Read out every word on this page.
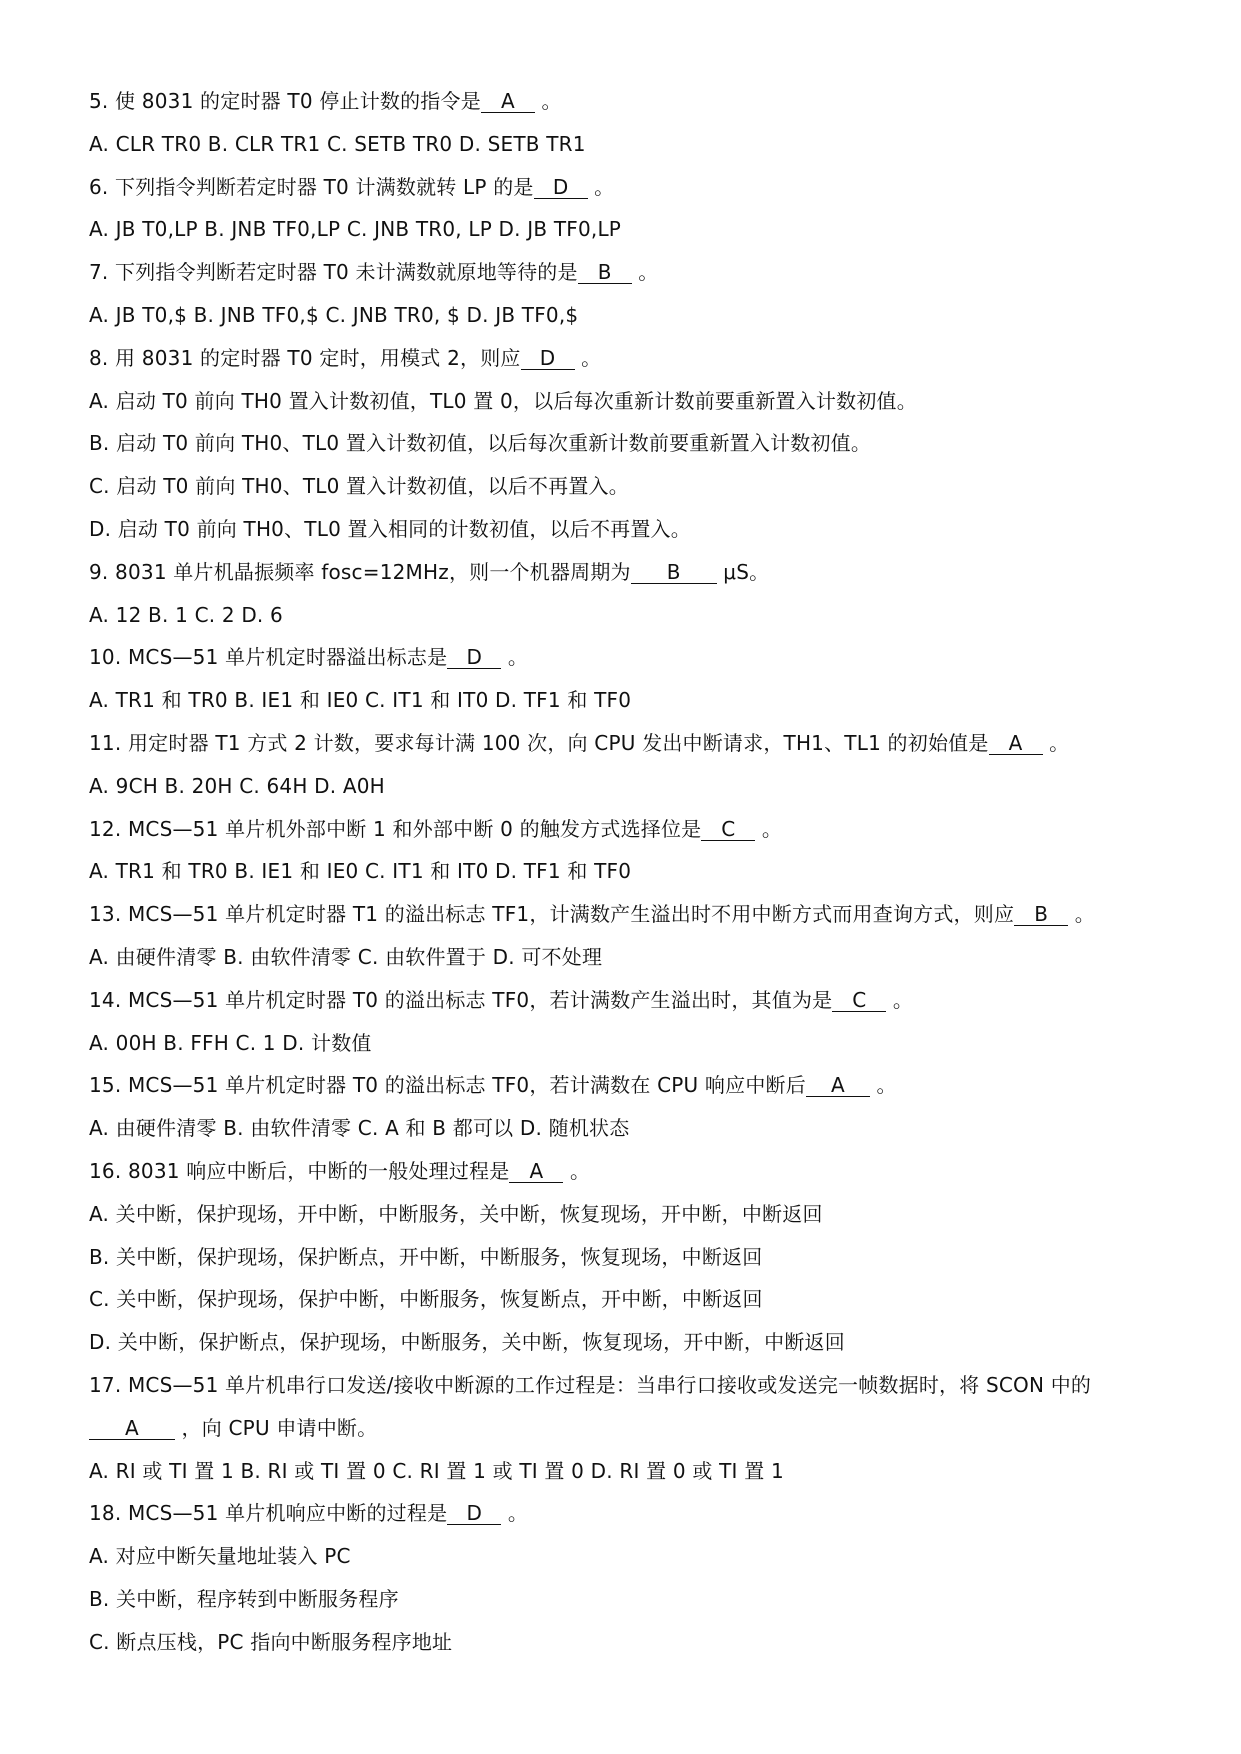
5. 使 8031 的定时器 T0 停止计数的指令是 A 。
A. CLR TR0 B. CLR TR1 C. SETB TR0 D. SETB TR1
6. 下列指令判断若定时器 T0 计满数就转 LP 的是 D 。
A. JB T0,LP B. JNB TF0,LP C. JNB TR0, LP D. JB TF0,LP
7. 下列指令判断若定时器 T0 未计满数就原地等待的是 B 。
A. JB T0,$ B. JNB TF0,$ C. JNB TR0, $ D. JB TF0,$
8. 用 8031 的定时器 T0 定时，用模式 2，则应 D 。
A. 启动 T0 前向 TH0 置入计数初值，TL0 置 0，以后每次重新计数前要重新置入计数初值。
B. 启动 T0 前向 TH0、TL0 置入计数初值，以后每次重新计数前要重新置入计数初值。
C. 启动 T0 前向 TH0、TL0 置入计数初值，以后不再置入。
D. 启动 T0 前向 TH0、TL0 置入相同的计数初值，以后不再置入。
9. 8031 单片机晶振频率 fosc=12MHz，则一个机器周期为 B μS。
A. 12 B. 1 C. 2 D. 6
10. MCS—51 单片机定时器溢出标志是 D 。
A. TR1 和 TR0 B. IE1 和 IE0 C. IT1 和 IT0 D. TF1 和 TF0
11. 用定时器 T1 方式 2 计数，要求每计满 100 次，向 CPU 发出中断请求，TH1、TL1 的初始值是 A 。
A. 9CH B. 20H C. 64H D. A0H
12. MCS—51 单片机外部中断 1 和外部中断 0 的触发方式选择位是 C 。
A. TR1 和 TR0 B. IE1 和 IE0 C. IT1 和 IT0 D. TF1 和 TF0
13. MCS—51 单片机定时器 T1 的溢出标志 TF1，计满数产生溢出时不用中断方式而用查询方式，则应 B 。
A. 由硬件清零 B. 由软件清零 C. 由软件置于 D. 可不处理
14. MCS—51 单片机定时器 T0 的溢出标志 TF0，若计满数产生溢出时，其值为是 C 。
A. 00H B. FFH C. 1 D. 计数值
15. MCS—51 单片机定时器 T0 的溢出标志 TF0，若计满数在 CPU 响应中断后 A 。
A. 由硬件清零 B. 由软件清零 C. A 和 B 都可以 D. 随机状态
16. 8031 响应中断后，中断的一般处理过程是 A 。
A. 关中断，保护现场，开中断，中断服务，关中断，恢复现场，开中断，中断返回
B. 关中断，保护现场，保护断点，开中断，中断服务，恢复现场，中断返回
C. 关中断，保护现场，保护中断，中断服务，恢复断点，开中断，中断返回
D. 关中断，保护断点，保护现场，中断服务，关中断，恢复现场，开中断，中断返回
17. MCS—51 单片机串行口发送/接收中断源的工作过程是：当串行口接收或发送完一帧数据时，将 SCON 中的
A ，向 CPU 申请中断。
A. RI 或 TI 置 1 B. RI 或 TI 置 0 C. RI 置 1 或 TI 置 0 D. RI 置 0 或 TI 置 1
18. MCS—51 单片机响应中断的过程是 D 。
A. 对应中断矢量地址装入 PC
B. 关中断，程序转到中断服务程序
C. 断点压栈，PC 指向中断服务程序地址
